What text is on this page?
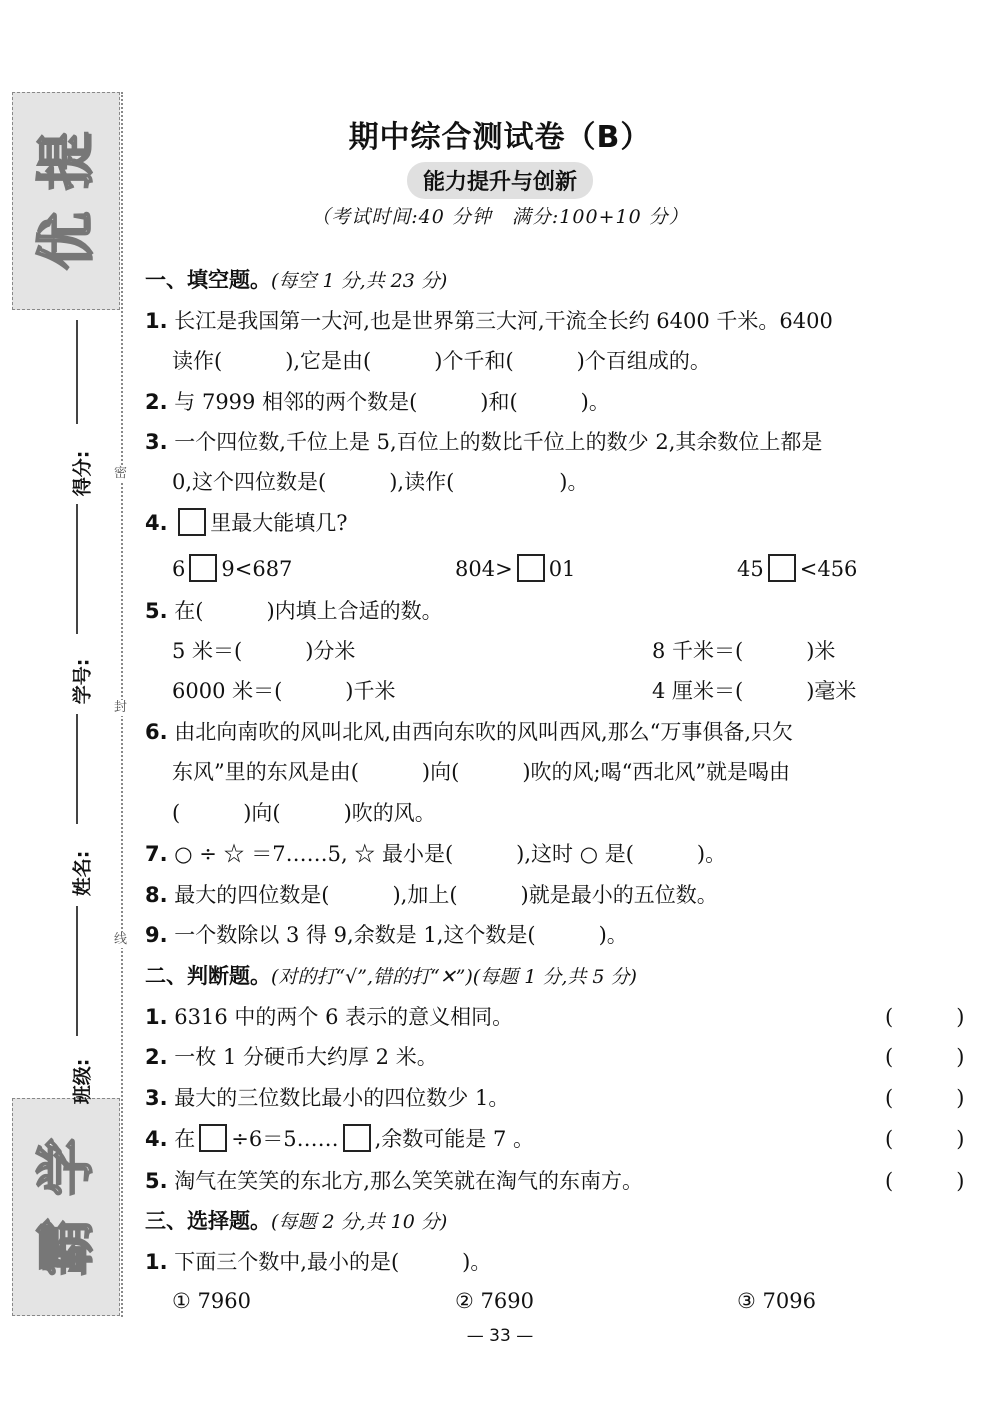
提
优
学
霸
密
封
线
得分:
学号:
姓名:
班级:
期中综合测试卷（B）
能力提升与创新
（考试时间:40 分钟　满分:100+10 分）
一、填空题。(每空 1 分,共 23 分)
1. 长江是我国第一大河,也是世界第三大河,干流全长约 6400 千米。6400
读作(　　　),它是由(　　　)个千和(　　　)个百组成的。
2. 与 7999 相邻的两个数是(　　　)和(　　　)。
3. 一个四位数,千位上是 5,百位上的数比千位上的数少 2,其余数位上都是
0,这个四位数是(　　　),读作(　　　　　)。
4. 里最大能填几?
6 9<687	804> 01	45 <456
5. 在(　　　)内填上合适的数。
5 米＝(　　　)分米	8 千米＝(　　　)米
6000 米＝(　　　)千米	4 厘米＝(　　　)毫米
6. 由北向南吹的风叫北风,由西向东吹的风叫西风,那么“万事俱备,只欠
东风”里的东风是由(　　　)向(　　　)吹的风;喝“西北风”就是喝由
(　　　)向(　　　)吹的风。
7. ○ ÷ ☆ ＝7……5, ☆ 最小是(　　　),这时 ○ 是(　　　)。
8. 最大的四位数是(　　　),加上(　　　)就是最小的五位数。
9. 一个数除以 3 得 9,余数是 1,这个数是(　　　)。
二、判断题。(对的打“√”,错的打“✕”)(每题 1 分,共 5 分)
1. 6316 中的两个 6 表示的意义相同。	(　　　)
2. 一枚 1 分硬币大约厚 2 米。	(　　　)
3. 最大的三位数比最小的四位数少 1。	(　　　)
4. 在 ÷6＝5…… ,余数可能是 7 。	(　　　)
5. 淘气在笑笑的东北方,那么笑笑就在淘气的东南方。	(　　　)
三、选择题。(每题 2 分,共 10 分)
1. 下面三个数中,最小的是(　　　)。
① 7960	② 7690	③ 7096
— 33 —
